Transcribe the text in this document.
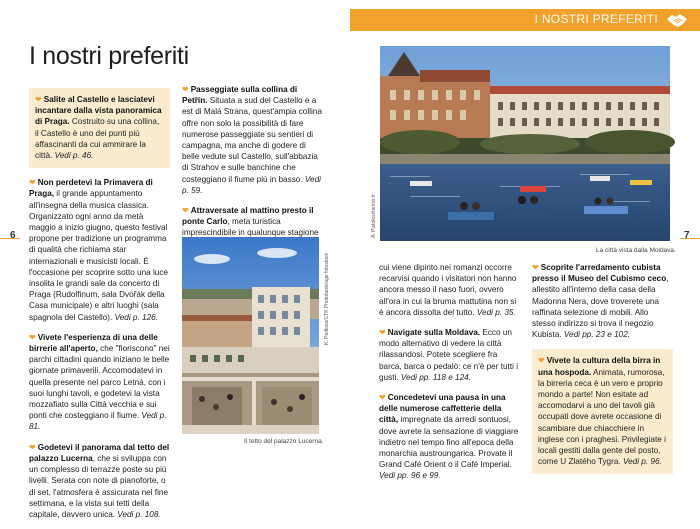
I NOSTRI PREFERITI
6	7
I nostri preferiti

❤ Salite al Castello e lasciatevi incantare dalla vista panoramica di Praga. Costruito su una collina, il Castello è uno dei punti più affascinanti da cui ammirare la città. Vedi p. 46.

❤ Non perdetevi la Primavera di Praga, il grande appuntamento all'insegna della musica classica. Organizzato ogni anno da metà maggio a inizio giugno, questo festival propone per tradizione un programma di qualità che richiama star internazionali e musicisti locali. È l'occasione per scoprire sotto una luce insolita le grandi sale da concerto di Praga (Rudolfinum, sala Dvořák della Casa municipale) e altri luoghi (sala spagnola del Castello). Vedi p. 126.

❤ Vivete l'esperienza di una delle birrerie all'aperto, che "fioriscono" nei parchi cittadini quando iniziano le belle giornate primaverili. Accomodatevi in quella presente nel parco Letná, con i suoi lunghi tavoli, e godetevi la vista mozzafiato sulla Città vecchia e sui ponti che costeggiano il fiume. Vedi p. 81.

❤ Godetevi il panorama dal tetto del palazzo Lucerna, che si sviluppa con un complesso di terrazze poste su più livelli. Serata con note di pianoforte, o di set, l'atmosfera è assicurata nel fine settimana, e la vista sui tetti della capitale, davvero unica. Vedi p. 108.

❤ Passeggiate sulla collina di Petřín. Situata a sud del Castello e a est di Malá Strana, quest'ampia collina offre non solo la possibilità di fare numerose passeggiate su sentieri di campagna, ma anche di godere di belle vedute sul Castello, sull'abbazia di Strahov e sulle banchine che costeggiano il fiume più in basso. Vedi p. 59.

❤ Attraversate al mattino presto il ponte Carlo, meta turistica imprescindibile in qualunque stagione

cui viene dipinto nei romanzi occorre recarvisi quando i visitatori non hanno ancora messo il naso fuori, ovvero all'ora in cui la bruma mattutina non si è ancora dissolta del tutto. Vedi p. 35.

❤ Navigate sulla Moldava. Ecco un modo alternativo di vedere la città rilassandosi. Potete scegliere fra barca, barca o pedalò: ce n'è per tutti i gusti. Vedi pp. 118 e 124.

❤ Concedetevi una pausa in una delle numerose caffetterie della città, impregnate da arredi sontuosi, dove avrete la sensazione di viaggiare indietro nel tempo fino all'epoca della monarchia austroungarica. Provate il Grand Café Orient o il Café Imperial. Vedi pp. 96 e 99.

❤ Scoprite l'arredamento cubista presso il Museo del Cubismo ceco, allestito all'interno della casa della Madonna Nera, dove troverete una raffinata selezione di mobili. Allo stesso indirizzo si trova il negozio Kubista. Vedi pp. 23 e 102.

❤ Vivete la cultura della birra in una hospoda. Animata, rumorosa, la birreria ceca è un vero e proprio mondo a parte! Non esitate ad accomodarvi a uno dei tavoli già occupati dove avrete occasione di scambiare due chiacchiere in inglese con i praghesi. Privilegiate i locali gestiti dalla gente del posto, come U Zlatého Tygra. Vedi p. 96.

A. Pistolesi/hemis.fr
La città vista dalla Moldava.
K. Pedlova/CTK Photobank/age fotostock
Il tetto del palazzo Lucerna.
